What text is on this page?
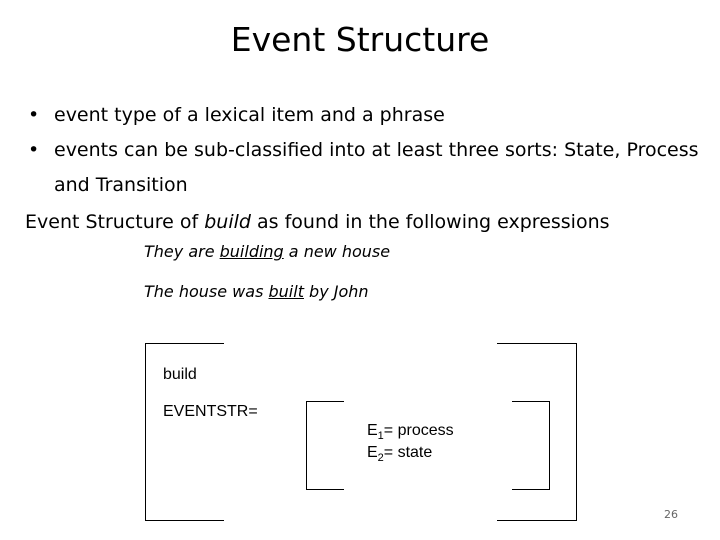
Event Structure
• event type of a lexical item and a phrase
• events can be sub-classified into at least three sorts: State, Process and Transition
Event Structure of build as found in the following expressions
They are building a new house
The house was built by John
build
EVENTSTR=
$E_1=$ process
$E_2=$ state
26
